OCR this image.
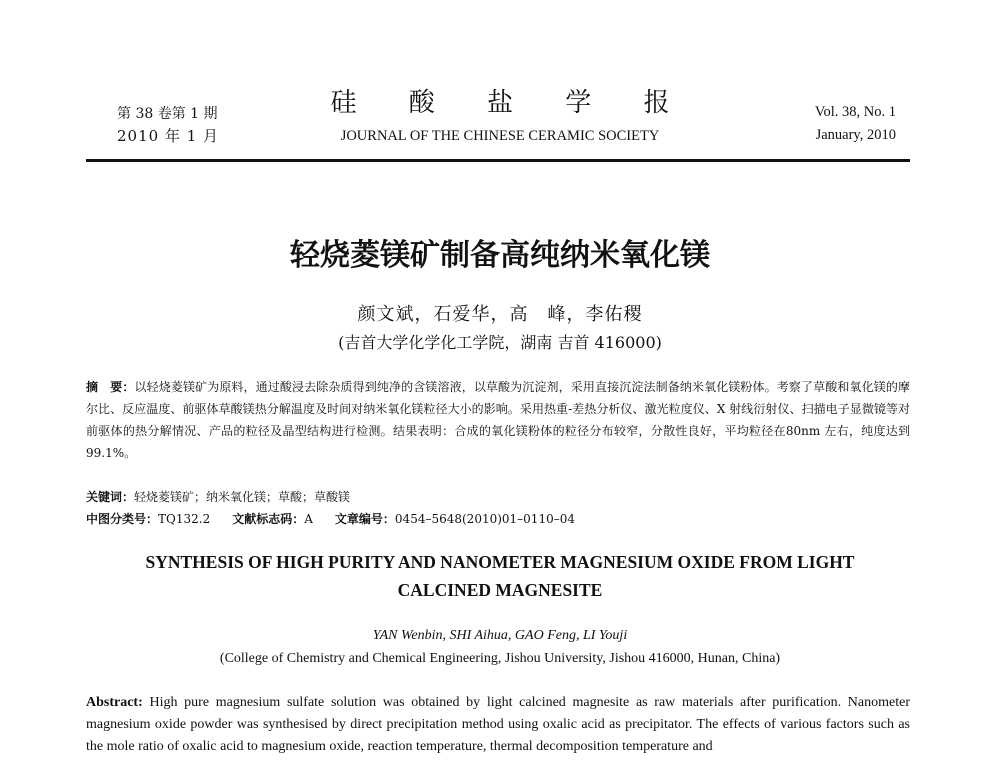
第 38 卷第 1 期
2010 年 1 月
硅 酸 盐 学 报
JOURNAL OF THE CHINESE CERAMIC SOCIETY
Vol. 38, No. 1
January, 2010
轻烧菱镁矿制备高纯纳米氧化镁
颜文斌，石爱华，高　峰，李佑稷
(吉首大学化学化工学院，湖南 吉首 416000)
摘　要：以轻烧菱镁矿为原料，通过酸浸去除杂质得到纯净的含镁溶液，以草酸为沉淀剂，采用直接沉淀法制备纳米氧化镁粉体。考察了草酸和氧化镁的摩尔比、反应温度、前驱体草酸镁热分解温度及时间对纳米氧化镁粒径大小的影响。采用热重-差热分析仪、激光粒度仪、X 射线衍射仪、扫描电子显微镜等对前驱体的热分解情况、产品的粒径及晶型结构进行检测。结果表明：合成的氧化镁粉体的粒径分布较窄，分散性良好，平均粒径在80nm 左右，纯度达到 99.1%。
关键词：轻烧菱镁矿；纳米氧化镁；草酸；草酸镁
中图分类号：TQ132.2 文献标志码：A 文章编号：0454–5648(2010)01–0110–04
SYNTHESIS OF HIGH PURITY AND NANOMETER MAGNESIUM OXIDE FROM LIGHT CALCINED MAGNESITE
YAN Wenbin, SHI Aihua, GAO Feng, LI Youji
(College of Chemistry and Chemical Engineering, Jishou University, Jishou 416000, Hunan, China)
Abstract: High pure magnesium sulfate solution was obtained by light calcined magnesite as raw materials after purification. Nanometer magnesium oxide powder was synthesised by direct precipitation method using oxalic acid as precipitator. The effects of various factors such as the mole ratio of oxalic acid to magnesium oxide, reaction temperature, thermal decomposition temperature and
